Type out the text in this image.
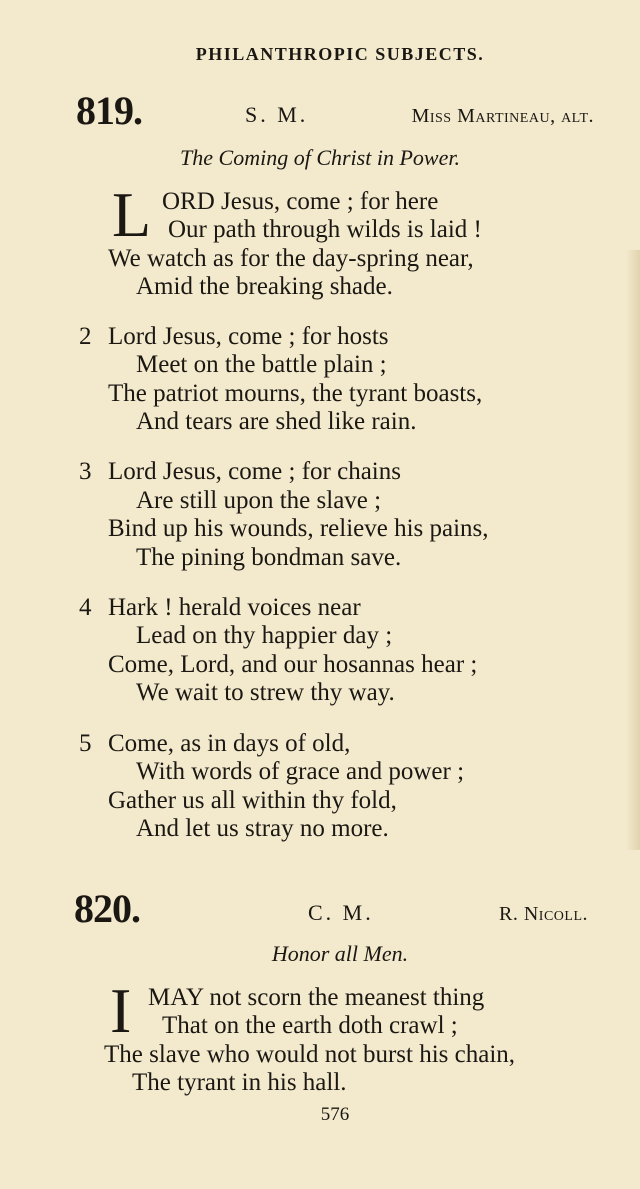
PHILANTHROPIC SUBJECTS.
819.	S. M.	Miss Martineau, alt.
The Coming of Christ in Power.
L ORD Jesus, come ; for here
Our path through wilds is laid !
We watch as for the day-spring near,
Amid the breaking shade.
2 Lord Jesus, come ; for hosts
Meet on the battle plain ;
The patriot mourns, the tyrant boasts,
And tears are shed like rain.
3 Lord Jesus, come ; for chains
Are still upon the slave ;
Bind up his wounds, relieve his pains,
The pining bondman save.
4 Hark ! herald voices near
Lead on thy happier day ;
Come, Lord, and our hosannas hear ;
We wait to strew thy way.
5 Come, as in days of old,
With words of grace and power ;
Gather us all within thy fold,
And let us stray no more.
820.	C. M.	R. Nicoll.
Honor all Men.
I MAY not scorn the meanest thing
That on the earth doth crawl ;
The slave who would not burst his chain,
The tyrant in his hall.
576
